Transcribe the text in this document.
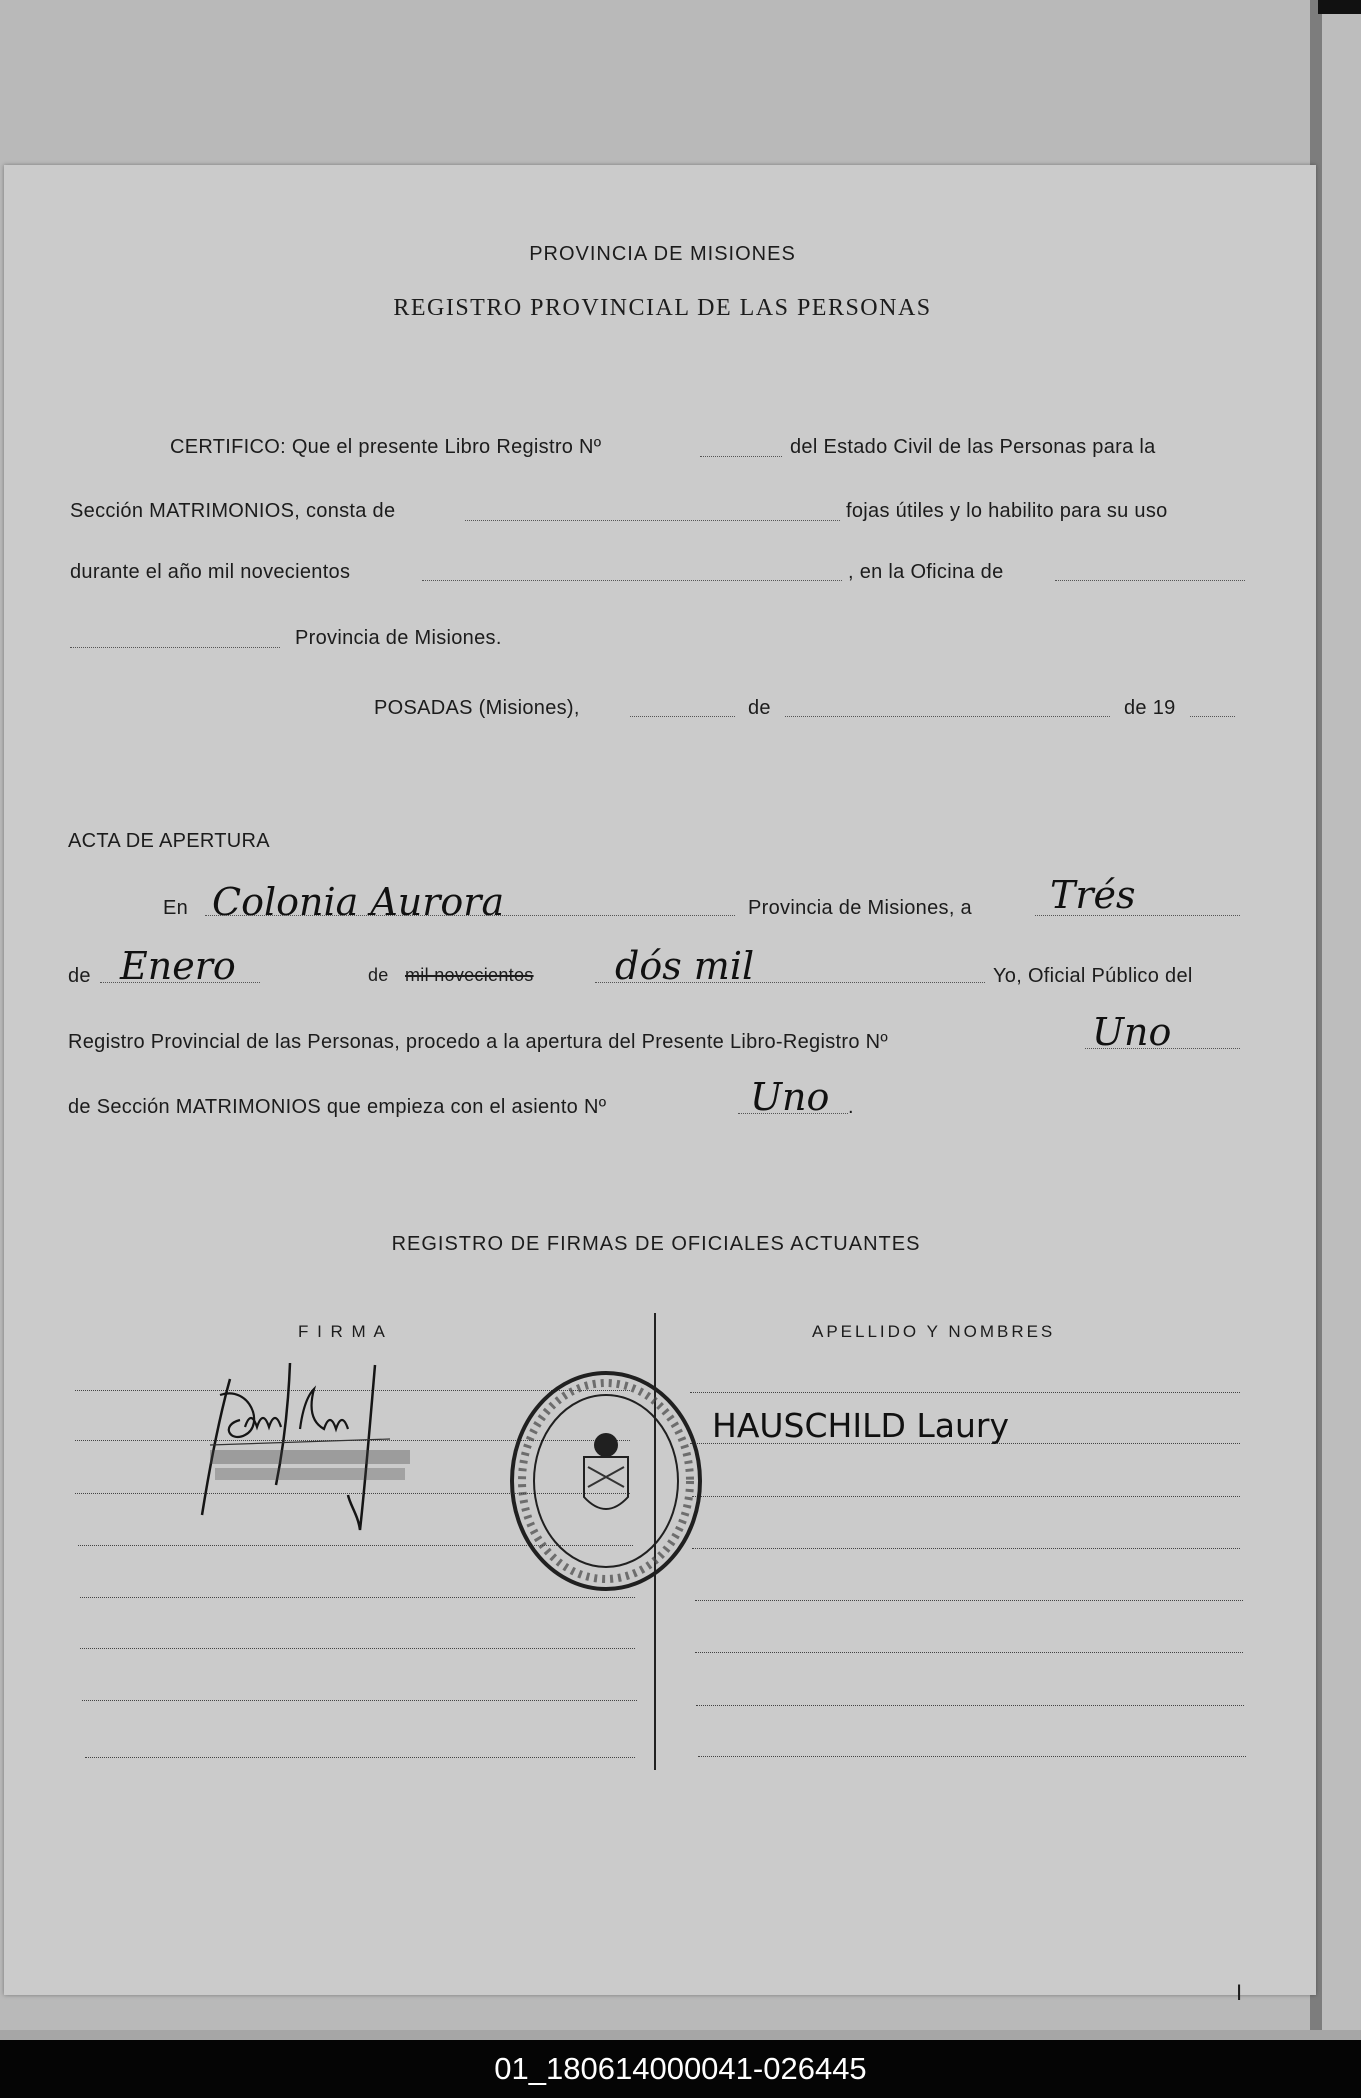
PROVINCIA DE MISIONES
REGISTRO PROVINCIAL DE LAS PERSONAS
CERTIFICO: Que el presente Libro Registro Nº	del Estado Civil de las Personas para la
Sección MATRIMONIOS, consta de	fojas útiles y lo habilito para su uso
durante el año mil novecientos	, en la Oficina de
Provincia de Misiones.
POSADAS (Misiones),	de	de 19
ACTA DE APERTURA
En Colonia Aurora	Provincia de Misiones, a Trés
de Enero	de mil novecientos dós mil	Yo, Oficial Público del
Registro Provincial de las Personas, procedo a la apertura del Presente Libro-Registro Nº	Uno
de Sección MATRIMONIOS que empieza con el asiento Nº	Uno .
REGISTRO DE FIRMAS DE OFICIALES ACTUANTES
F I R M A	APELLIDO Y NOMBRES
HAUSCHILD Laury
I
01_180614000041-026445
